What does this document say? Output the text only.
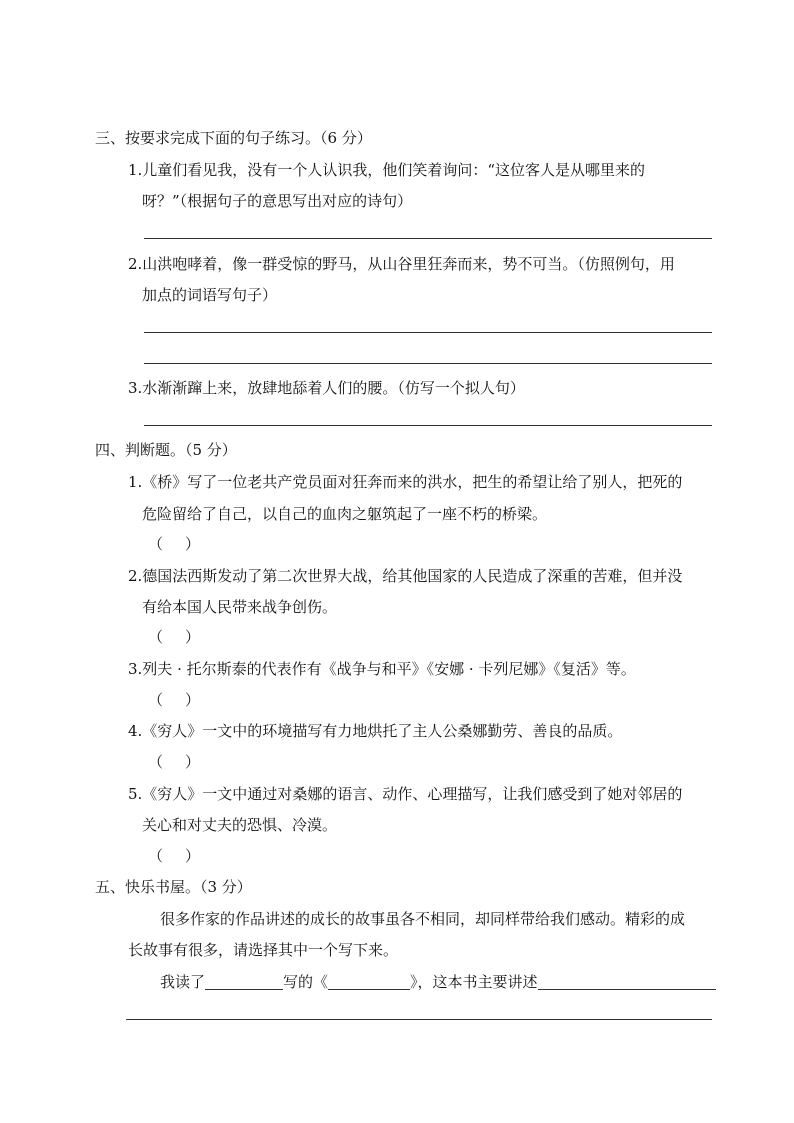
三、按要求完成下面的句子练习。（6 分）
1.儿童们看见我，没有一个人认识我，他们笑着询问：“这位客人是从哪里来的
呀？”（根据句子的意思写出对应的诗句）
2.山洪咆哮着，像一群受惊的野马，从山谷里狂奔而来，势不可当。（仿照例句，用
加点的词语写句子）
3.水渐渐蹿上来，放肆地舔着人们的腰。（仿写一个拟人句）
四、判断题。（5 分）
1.《桥》写了一位老共产党员面对狂奔而来的洪水，把生的希望让给了别人，把死的
危险留给了自己，以自己的血肉之躯筑起了一座不朽的桥梁。
（ ）
2.德国法西斯发动了第二次世界大战，给其他国家的人民造成了深重的苦难，但并没
有给本国人民带来战争创伤。
（ ）
3.列夫 · 托尔斯泰的代表作有《战争与和平》《安娜 · 卡列尼娜》《复活》等。
（ ）
4.《穷人》一文中的环境描写有力地烘托了主人公桑娜勤劳、善良的品质。
（ ）
5.《穷人》一文中通过对桑娜的语言、动作、心理描写，让我们感受到了她对邻居的
关心和对丈夫的恐惧、冷漠。
（ ）
五、快乐书屋。（3 分）
很多作家的作品讲述的成长的故事虽各不相同，却同样带给我们感动。精彩的成
长故事有很多，请选择其中一个写下来。
我读了	写的《	》，这本书主要讲述
